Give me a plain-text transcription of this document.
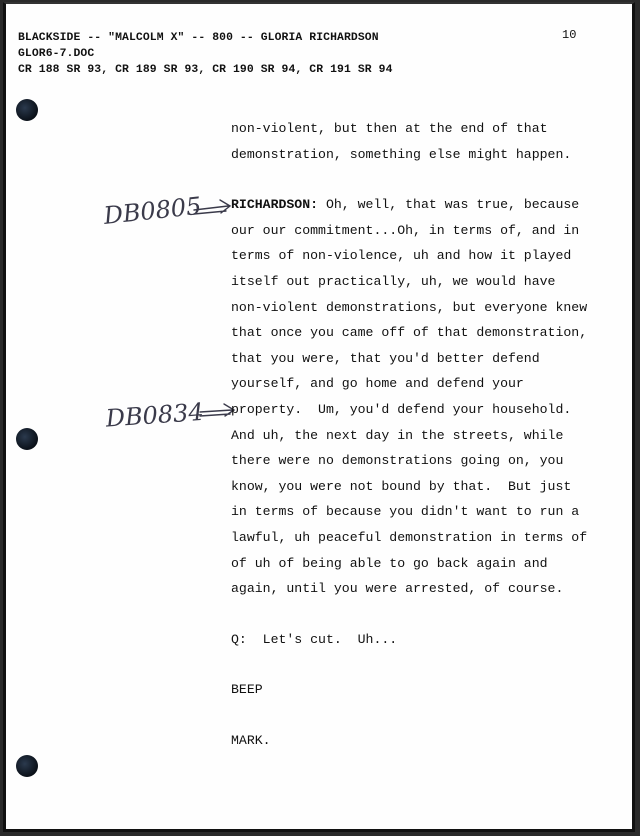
BLACKSIDE -- "MALCOLM X" -- 800 -- GLORIA RICHARDSON
GLOR6-7.DOC
CR 188 SR 93, CR 189 SR 93, CR 190 SR 94, CR 191 SR 94
10
DB0805
DB0834

non-violent, but then at the end of that

demonstration, something else might happen.

RICHARDSON: Oh, well, that was true, because

our our commitment...Oh, in terms of, and in

terms of non-violence, uh and how it played

itself out practically, uh, we would have

non-violent demonstrations, but everyone knew

that once you came off of that demonstration,

that you were, that you'd better defend

yourself, and go home and defend your

property.  Um, you'd defend your household.

And uh, the next day in the streets, while

there were no demonstrations going on, you

know, you were not bound by that.  But just

in terms of because you didn't want to run a

lawful, uh peaceful demonstration in terms of

of uh of being able to go back again and

again, until you were arrested, of course.

Q:  Let's cut.  Uh...

BEEP

MARK.
